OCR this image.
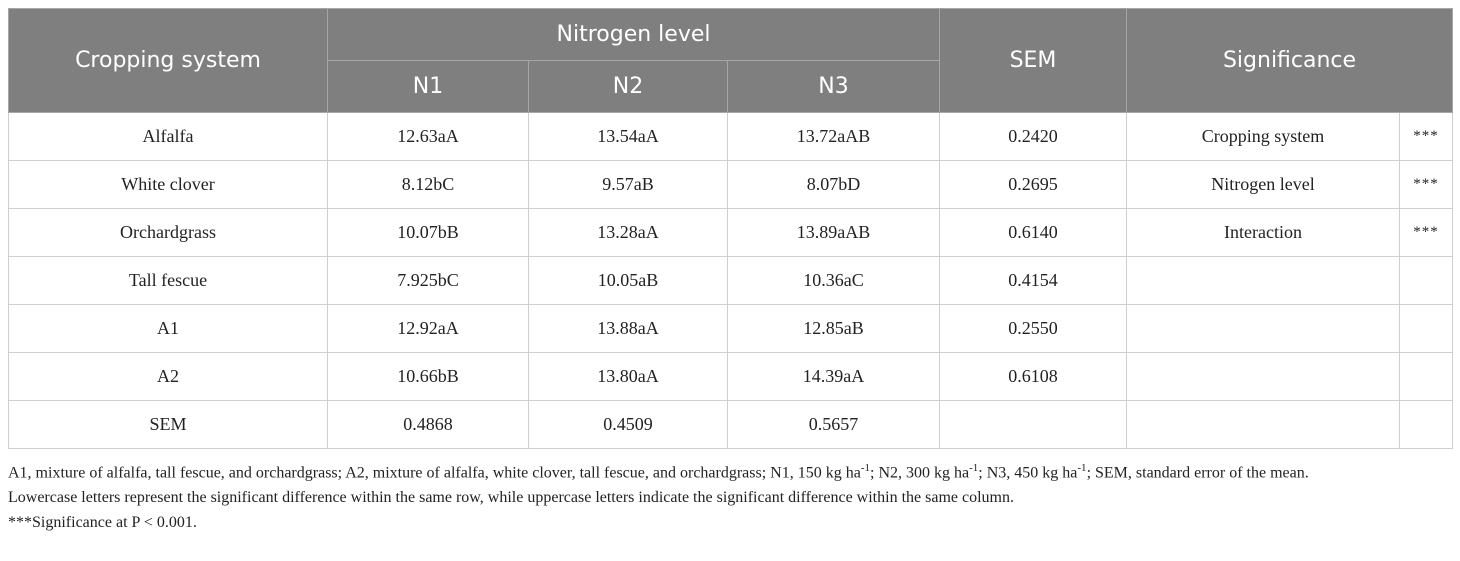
Cropping system	Nitrogen level			SEM	Significance	
	N1	N2	N3			
Alfalfa	12.63aA	13.54aA	13.72aAB	0.2420	Cropping system	***
White clover	8.12bC	9.57aB	8.07bD	0.2695	Nitrogen level	***
Orchardgrass	10.07bB	13.28aA	13.89aAB	0.6140	Interaction	***
Tall fescue	7.925bC	10.05aB	10.36aC	0.4154		
A1	12.92aA	13.88aA	12.85aB	0.2550		
A2	10.66bB	13.80aA	14.39aA	0.6108		
SEM	0.4868	0.4509	0.5657			

A1, mixture of alfalfa, tall fescue, and orchardgrass; A2, mixture of alfalfa, white clover, tall fescue, and orchardgrass; N1, 150 kg $ha^{-1}$; N2, 300 kg $ha^{-1}$; N3, 450 kg $ha^{-1}$; SEM, standard error of the mean.

Lowercase letters represent the significant difference within the same row, while uppercase letters indicate the significant difference within the same column.

***Significance at P < 0.001.
